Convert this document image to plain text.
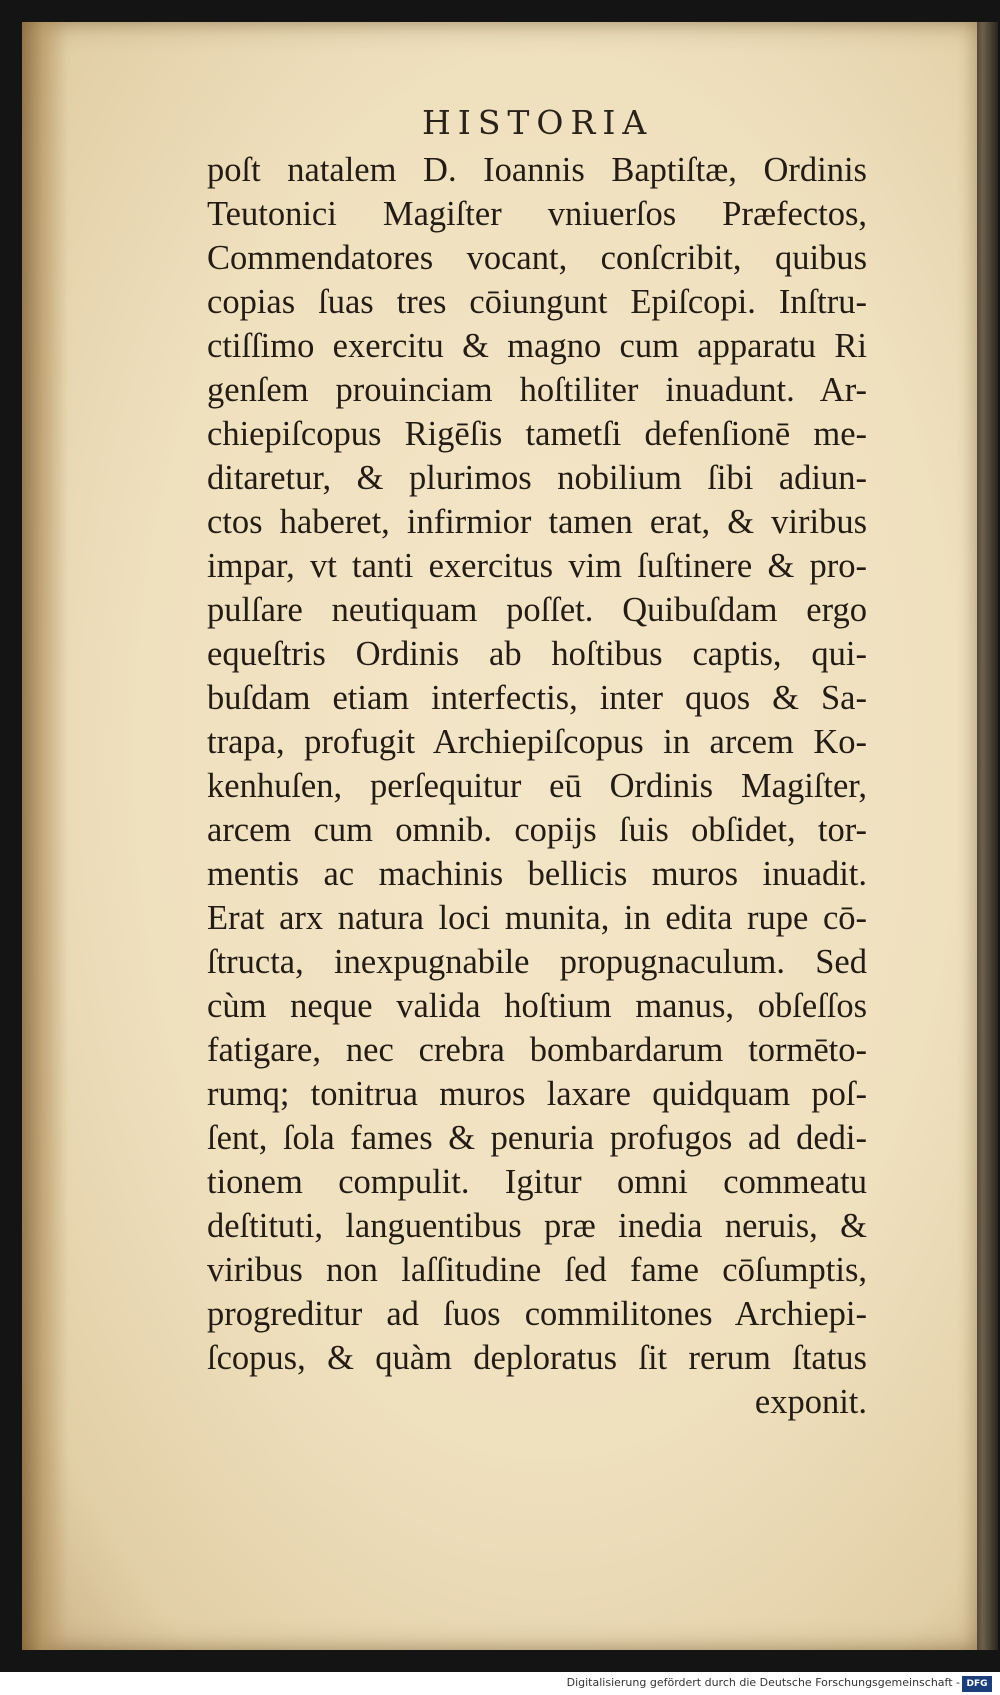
HISTORIA
poſt natalem D. Ioannis Baptiſtæ, Ordinis
Teutonici Magiſter vniuerſos Præfectos,
Commendatores vocant, conſcribit, quibus
copias ſuas tres cōiungunt Epiſcopi. Inſtru-
ctiſſimo exercitu & magno cum apparatu Ri
genſem prouinciam hoſtiliter inuadunt. Ar-
chiepiſcopus Rigēſis tametſi defenſionē me-
ditaretur, & plurimos nobilium ſibi adiun-
ctos haberet, infirmior tamen erat, & viribus
impar, vt tanti exercitus vim ſuſtinere & pro-
pulſare neutiquam poſſet. Quibuſdam ergo
equeſtris Ordinis ab hoſtibus captis, qui-
buſdam etiam interfectis, inter quos & Sa-
trapa, profugit Archiepiſcopus in arcem Ko-
kenhuſen, perſequitur eū Ordinis Magiſter,
arcem cum omnib. copijs ſuis obſidet, tor-
mentis ac machinis bellicis muros inuadit.
Erat arx natura loci munita, in edita rupe cō-
ſtructa, inexpugnabile propugnaculum. Sed
cùm neque valida hoſtium manus, obſeſſos
fatigare, nec crebra bombardarum tormēto-
rumq; tonitrua muros laxare quidquam poſ-
ſent, ſola fames & penuria profugos ad dedi-
tionem compulit. Igitur omni commeatu
deſtituti, languentibus præ inedia neruis, &
viribus non laſſitudine ſed fame cōſumptis,
progreditur ad ſuos commilitones Archiepi-
ſcopus, & quàm deploratus ſit rerum ſtatus
exponit.
Digitalisierung gefördert durch die Deutsche Forschungsgemeinschaft - DFG
